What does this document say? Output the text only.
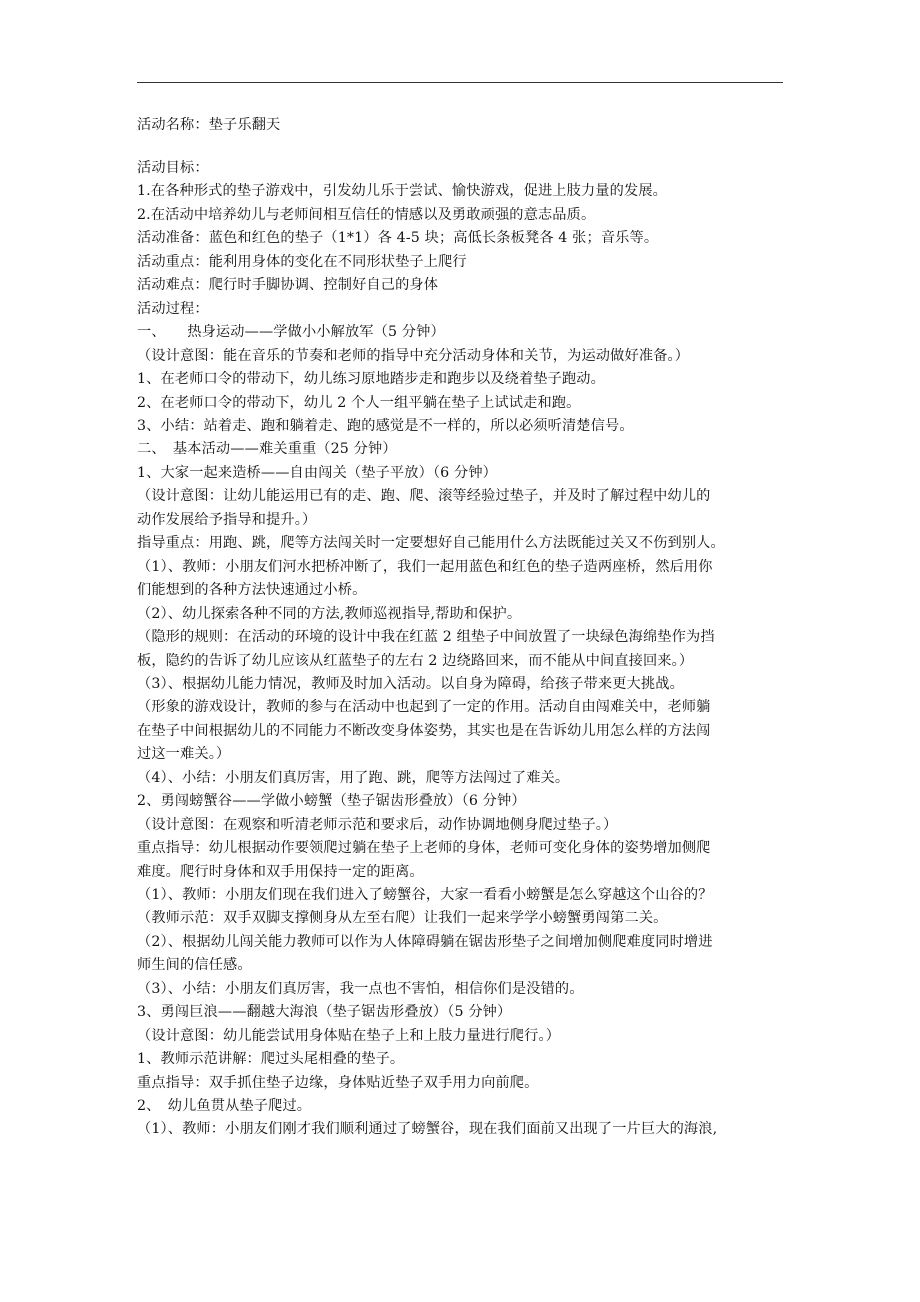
活动名称：垫子乐翻天
活动目标：
1.在各种形式的垫子游戏中，引发幼儿乐于尝试、愉快游戏，促进上肢力量的发展。
2.在活动中培养幼儿与老师间相互信任的情感以及勇敢顽强的意志品质。
活动准备：蓝色和红色的垫子（1*1）各 4-5 块；高低长条板凳各 4 张；音乐等。
活动重点：能利用身体的变化在不同形状垫子上爬行
活动难点：爬行时手脚协调、控制好自己的身体
活动过程：
一、　　热身运动——学做小小解放军（5 分钟）
（设计意图：能在音乐的节奏和老师的指导中充分活动身体和关节，为运动做好准备。）
1、在老师口令的带动下，幼儿练习原地踏步走和跑步以及绕着垫子跑动。
2、在老师口令的带动下，幼儿 2 个人一组平躺在垫子上试试走和跑。
3、小结：站着走、跑和躺着走、跑的感觉是不一样的，所以必须听清楚信号。
二、　基本活动——难关重重（25 分钟）
1、大家一起来造桥——自由闯关（垫子平放）（6 分钟）
（设计意图：让幼儿能运用已有的走、跑、爬、滚等经验过垫子，并及时了解过程中幼儿的
动作发展给予指导和提升。）
指导重点：用跑、跳，爬等方法闯关时一定要想好自己能用什么方法既能过关又不伤到别人。
（1）、教师：小朋友们河水把桥冲断了，我们一起用蓝色和红色的垫子造两座桥，然后用你
们能想到的各种方法快速通过小桥。
（2）、幼儿探索各种不同的方法,教师巡视指导,帮助和保护。
（隐形的规则：在活动的环境的设计中我在红蓝 2 组垫子中间放置了一块绿色海绵垫作为挡
板，隐约的告诉了幼儿应该从红蓝垫子的左右 2 边绕路回来，而不能从中间直接回来。）
（3）、根据幼儿能力情况，教师及时加入活动。以自身为障碍，给孩子带来更大挑战。
（形象的游戏设计，教师的参与在活动中也起到了一定的作用。活动自由闯难关中，老师躺
在垫子中间根据幼儿的不同能力不断改变身体姿势，其实也是在告诉幼儿用怎么样的方法闯
过这一难关。）
（4）、小结：小朋友们真厉害，用了跑、跳，爬等方法闯过了难关。
2、勇闯螃蟹谷——学做小螃蟹（垫子锯齿形叠放）（6 分钟）
（设计意图：在观察和听清老师示范和要求后，动作协调地侧身爬过垫子。）
重点指导：幼儿根据动作要领爬过躺在垫子上老师的身体，老师可变化身体的姿势增加侧爬
难度。爬行时身体和双手用保持一定的距离。
（1）、教师：小朋友们现在我们进入了螃蟹谷，大家一看看小螃蟹是怎么穿越这个山谷的？
（教师示范：双手双脚支撑侧身从左至右爬）让我们一起来学学小螃蟹勇闯第二关。
（2）、根据幼儿闯关能力教师可以作为人体障碍躺在锯齿形垫子之间增加侧爬难度同时增进
师生间的信任感。
（3）、小结：小朋友们真厉害，我一点也不害怕，相信你们是没错的。
3、勇闯巨浪——翻越大海浪（垫子锯齿形叠放）（5 分钟）
（设计意图：幼儿能尝试用身体贴在垫子上和上肢力量进行爬行。）
1、教师示范讲解：爬过头尾相叠的垫子。
重点指导：双手抓住垫子边缘，身体贴近垫子双手用力向前爬。
2、　幼儿鱼贯从垫子爬过。
（1）、教师：小朋友们刚才我们顺利通过了螃蟹谷，现在我们面前又出现了一片巨大的海浪,
